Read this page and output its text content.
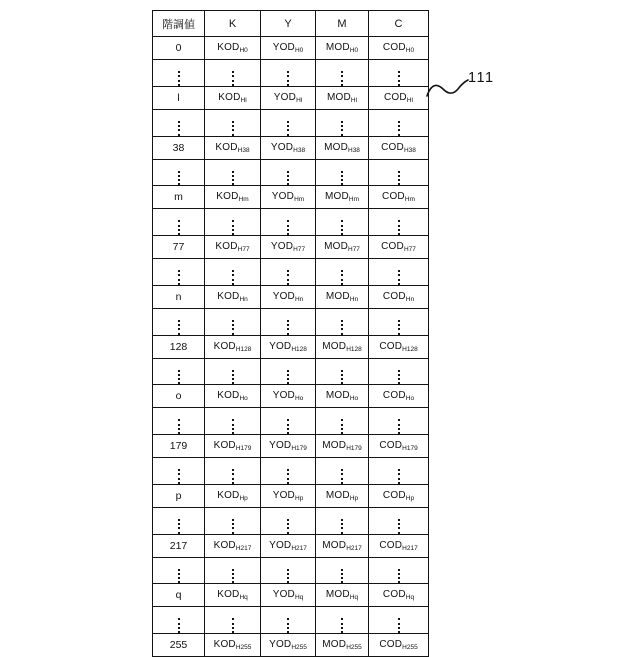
階調値	K	Y	M	C
0	$KOD_{H0}$	$YOD_{H0}$	$MOD_{H0}$	$COD_{H0}$

l	$KOD_{Hl}$	$YOD_{Hl}$	$MOD_{Hl}$	$COD_{Hl}$

38	$KOD_{H38}$	$YOD_{H38}$	$MOD_{H38}$	$COD_{H38}$

m	$KOD_{Hm}$	$YOD_{Hm}$	$MOD_{Hm}$	$COD_{Hm}$

77	$KOD_{H77}$	$YOD_{H77}$	$MOD_{H77}$	$COD_{H77}$

n	$KOD_{Hn}$	$YOD_{Hn}$	$MOD_{Hn}$	$COD_{Hn}$

128	$KOD_{H128}$	$YOD_{H128}$	$MOD_{H128}$	$COD_{H128}$

o	$KOD_{Ho}$	$YOD_{Ho}$	$MOD_{Ho}$	$COD_{Ho}$

179	$KOD_{H179}$	$YOD_{H179}$	$MOD_{H179}$	$COD_{H179}$

p	$KOD_{Hp}$	$YOD_{Hp}$	$MOD_{Hp}$	$COD_{Hp}$

217	$KOD_{H217}$	$YOD_{H217}$	$MOD_{H217}$	$COD_{H217}$

q	$KOD_{Hq}$	$YOD_{Hq}$	$MOD_{Hq}$	$COD_{Hq}$

255	$KOD_{H255}$	$YOD_{H255}$	$MOD_{H255}$	$COD_{H255}$
111
